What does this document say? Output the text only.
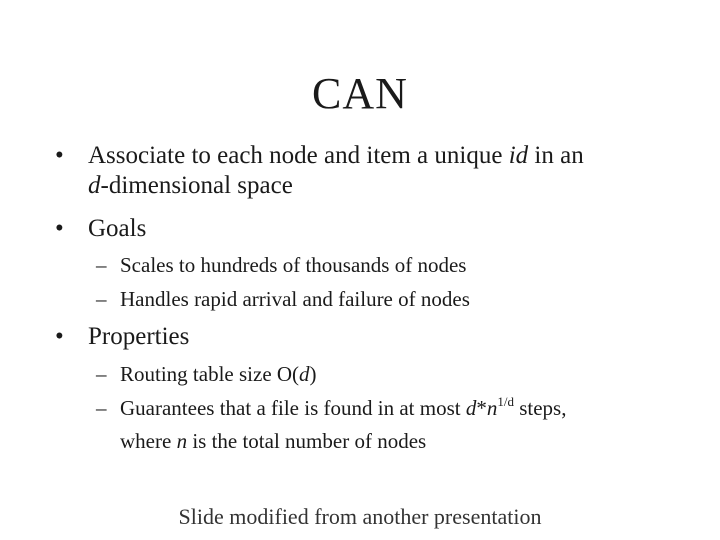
CAN
• Associate to each node and item a unique id in an
d-dimensional space
• Goals
– Scales to hundreds of thousands of nodes
– Handles rapid arrival and failure of nodes
• Properties
– Routing table size O(d)
– Guarantees that a file is found in at most $d*n^{1/d}$ steps,
where n is the total number of nodes
Slide modified from another presentation
